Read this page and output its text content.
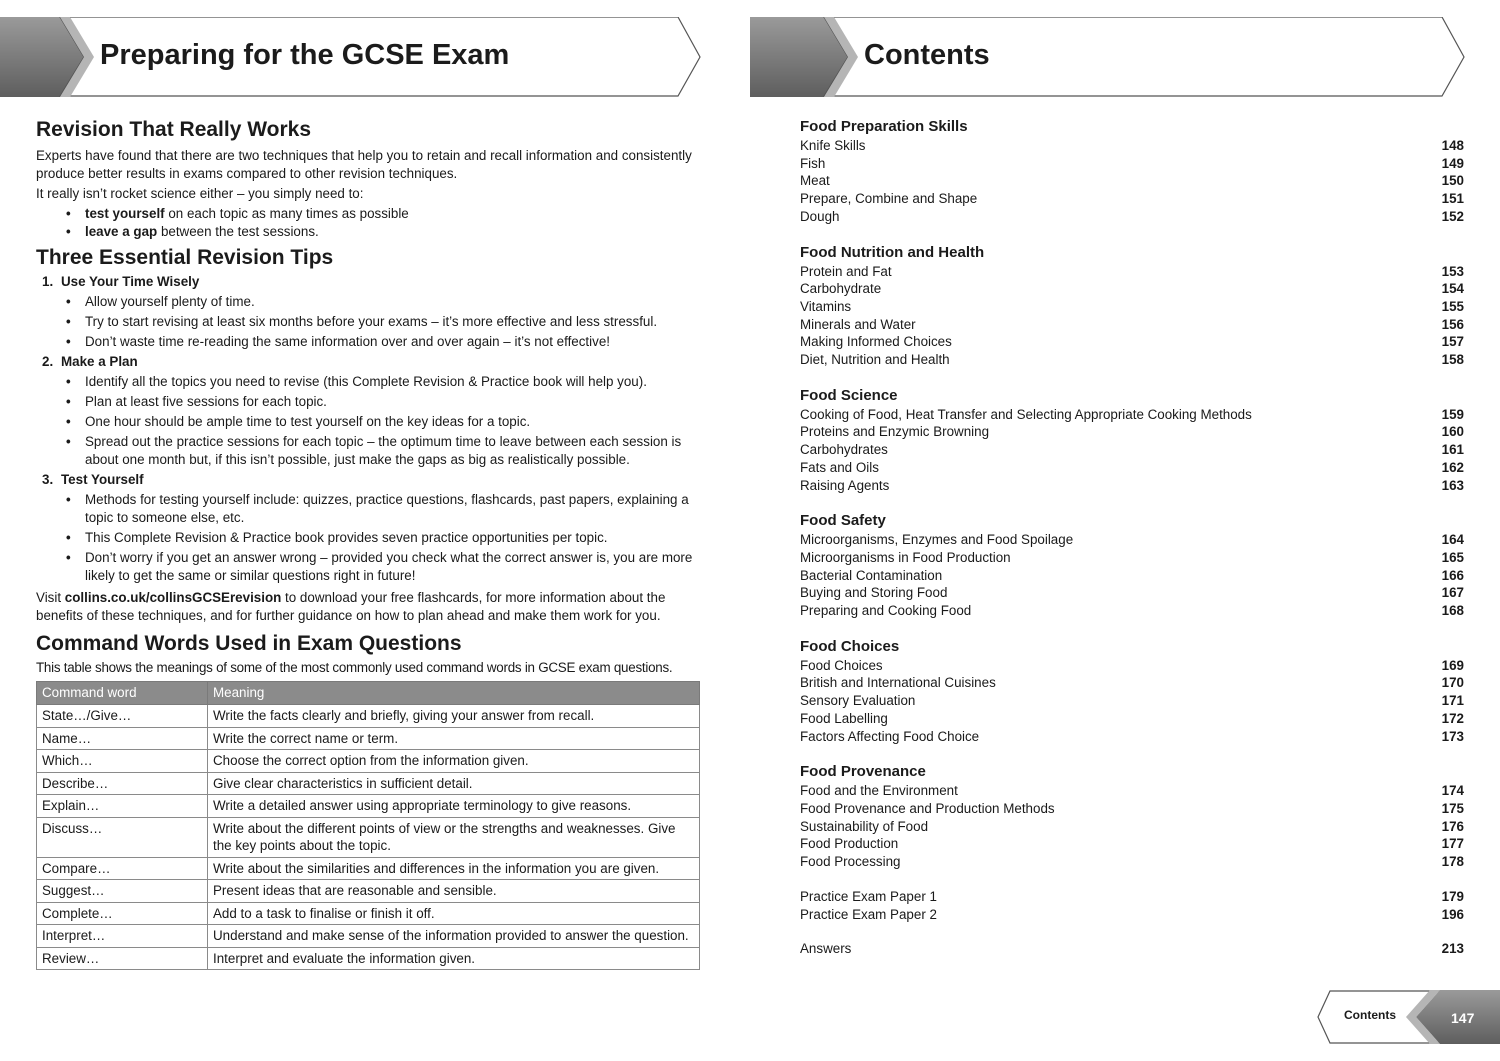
Preparing for the GCSE Exam	Contents
Revision That Really Works

Experts have found that there are two techniques that help you to retain and recall information and consistently produce better results in exams compared to other revision techniques.

It really isn’t rocket science either – you simply need to:

• test yourself on each topic as many times as possible
• leave a gap between the test sessions.
Three Essential Revision Tips
1. Use Your Time Wisely
• Allow yourself plenty of time.
• Try to start revising at least six months before your exams – it’s more effective and less stressful.
• Don’t waste time re-reading the same information over and over again – it’s not effective!
2. Make a Plan
• Identify all the topics you need to revise (this Complete Revision & Practice book will help you).
• Plan at least five sessions for each topic.
• One hour should be ample time to test yourself on the key ideas for a topic.
• Spread out the practice sessions for each topic – the optimum time to leave between each session is about one month but, if this isn’t possible, just make the gaps as big as realistically possible.
3. Test Yourself
• Methods for testing yourself include: quizzes, practice questions, flashcards, past papers, explaining a topic to someone else, etc.
• This Complete Revision & Practice book provides seven practice opportunities per topic.
• Don’t worry if you get an answer wrong – provided you check what the correct answer is, you are more likely to get the same or similar questions right in future!

Visit collins.co.uk/collinsGCSErevision to download your free flashcards, for more information about the benefits of these techniques, and for further guidance on how to plan ahead and make them work for you.

Command Words Used in Exam Questions

This table shows the meanings of some of the most commonly used command words in GCSE exam questions.

Command word	Meaning
State…/Give…	Write the facts clearly and briefly, giving your answer from recall.
Name…	Write the correct name or term.
Which…	Choose the correct option from the information given.
Describe…	Give clear characteristics in sufficient detail.
Explain…	Write a detailed answer using appropriate terminology to give reasons.
Discuss…	Write about the different points of view or the strengths and weaknesses. Give the key points about the topic.
Compare…	Write about the similarities and differences in the information you are given.
Suggest…	Present ideas that are reasonable and sensible.
Complete…	Add to a task to finalise or finish it off.
Interpret…	Understand and make sense of the information provided to answer the question.
Review…	Interpret and evaluate the information given.
Food Preparation Skills
Knife Skills	148
Fish	149
Meat	150
Prepare, Combine and Shape	151
Dough	152
Food Nutrition and Health
Protein and Fat	153
Carbohydrate	154
Vitamins	155
Minerals and Water	156
Making Informed Choices	157
Diet, Nutrition and Health	158
Food Science
Cooking of Food, Heat Transfer and Selecting Appropriate Cooking Methods	159
Proteins and Enzymic Browning	160
Carbohydrates	161
Fats and Oils	162
Raising Agents	163
Food Safety
Microorganisms, Enzymes and Food Spoilage	164
Microorganisms in Food Production	165
Bacterial Contamination	166
Buying and Storing Food	167
Preparing and Cooking Food	168
Food Choices
Food Choices	169
British and International Cuisines	170
Sensory Evaluation	171
Food Labelling	172
Factors Affecting Food Choice	173
Food Provenance
Food and the Environment	174
Food Provenance and Production Methods	175
Sustainability of Food	176
Food Production	177
Food Processing	178
Practice Exam Paper 1	179
Practice Exam Paper 2	196
Answers	213
Contents	147
